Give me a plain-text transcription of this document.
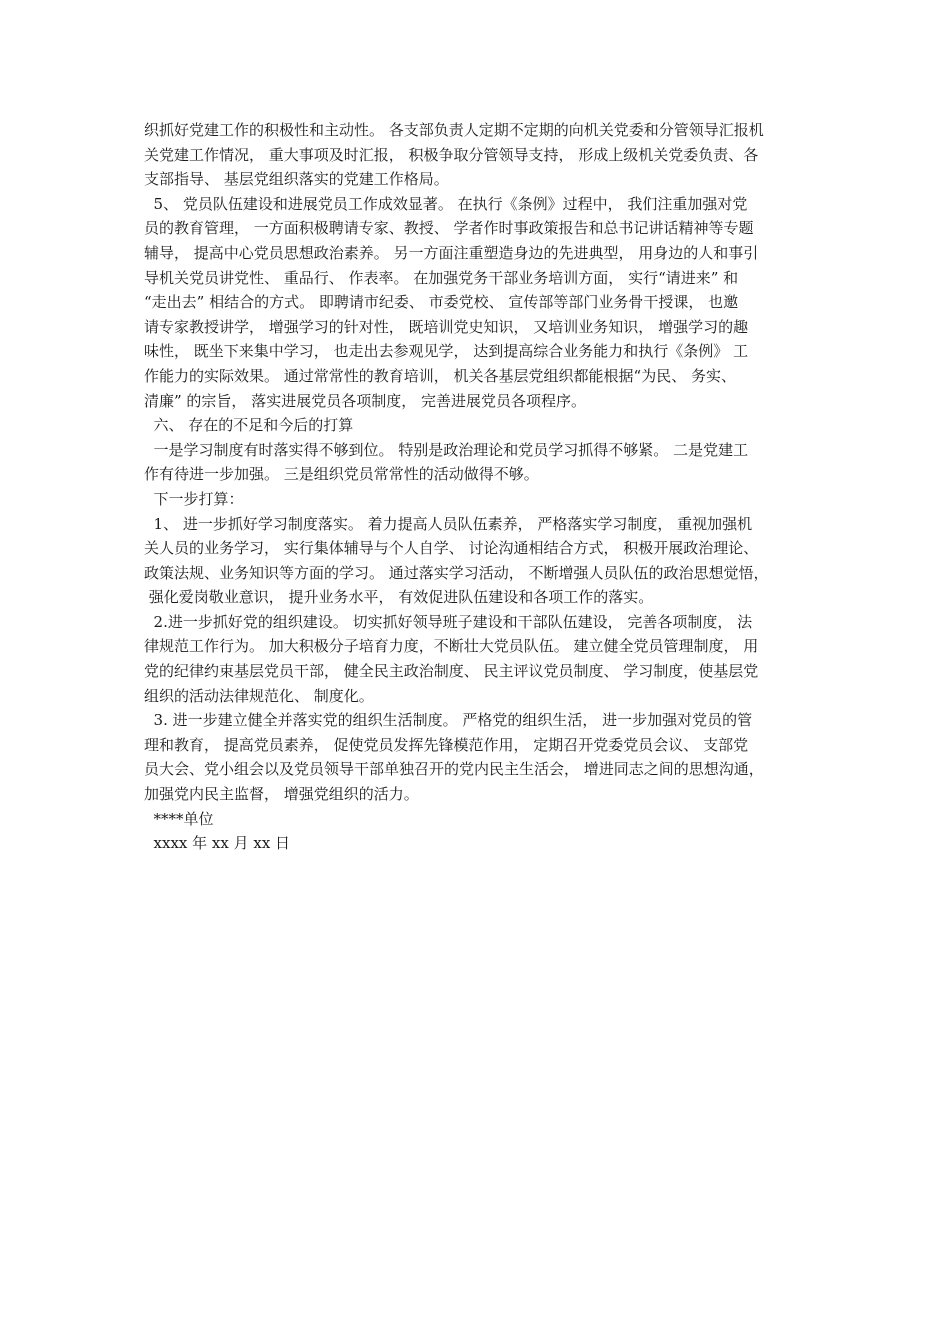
织抓好党建工作的积极性和主动性。 各支部负责人定期不定期的向机关党委和分管领导汇报机
关党建工作情况， 重大事项及时汇报， 积极争取分管领导支持， 形成上级机关党委负责、各
支部指导、 基层党组织落实的党建工作格局。
5、 党员队伍建设和进展党员工作成效显著。 在执行《条例》过程中， 我们注重加强对党
员的教育管理， 一方面积极聘请专家、教授、 学者作时事政策报告和总书记讲话精神等专题
辅导， 提高中心党员思想政治素养。 另一方面注重塑造身边的先进典型， 用身边的人和事引
导机关党员讲党性、 重品行、 作表率。 在加强党务干部业务培训方面， 实行“请进来” 和
“走出去” 相结合的方式。 即聘请市纪委、 市委党校、 宣传部等部门业务骨干授课， 也邀
请专家教授讲学， 增强学习的针对性， 既培训党史知识， 又培训业务知识， 增强学习的趣
味性， 既坐下来集中学习， 也走出去参观见学， 达到提高综合业务能力和执行《条例》 工
作能力的实际效果。 通过常常性的教育培训， 机关各基层党组织都能根据“为民、 务实、
清廉” 的宗旨， 落实进展党员各项制度， 完善进展党员各项程序。
六、 存在的不足和今后的打算
一是学习制度有时落实得不够到位。 特别是政治理论和党员学习抓得不够紧。 二是党建工
作有待进一步加强。 三是组织党员常常性的活动做得不够。
下一步打算：
1、 进一步抓好学习制度落实。 着力提高人员队伍素养， 严格落实学习制度， 重视加强机
关人员的业务学习， 实行集体辅导与个人自学、 讨论沟通相结合方式， 积极开展政治理论、
政策法规、业务知识等方面的学习。 通过落实学习活动， 不断增强人员队伍的政治思想觉悟，
强化爱岗敬业意识， 提升业务水平， 有效促进队伍建设和各项工作的落实。
2.进一步抓好党的组织建设。 切实抓好领导班子建设和干部队伍建设， 完善各项制度， 法
律规范工作行为。 加大积极分子培育力度，不断壮大党员队伍。 建立健全党员管理制度， 用
党的纪律约束基层党员干部， 健全民主政治制度、 民主评议党员制度、 学习制度，使基层党
组织的活动法律规范化、 制度化。
3. 进一步建立健全并落实党的组织生活制度。 严格党的组织生活， 进一步加强对党员的管
理和教育， 提高党员素养， 促使党员发挥先锋模范作用， 定期召开党委党员会议、 支部党
员大会、党小组会以及党员领导干部单独召开的党内民主生活会， 增进同志之间的思想沟通，
加强党内民主监督， 增强党组织的活力。
****单位
xxxx 年 xx 月 xx 日
